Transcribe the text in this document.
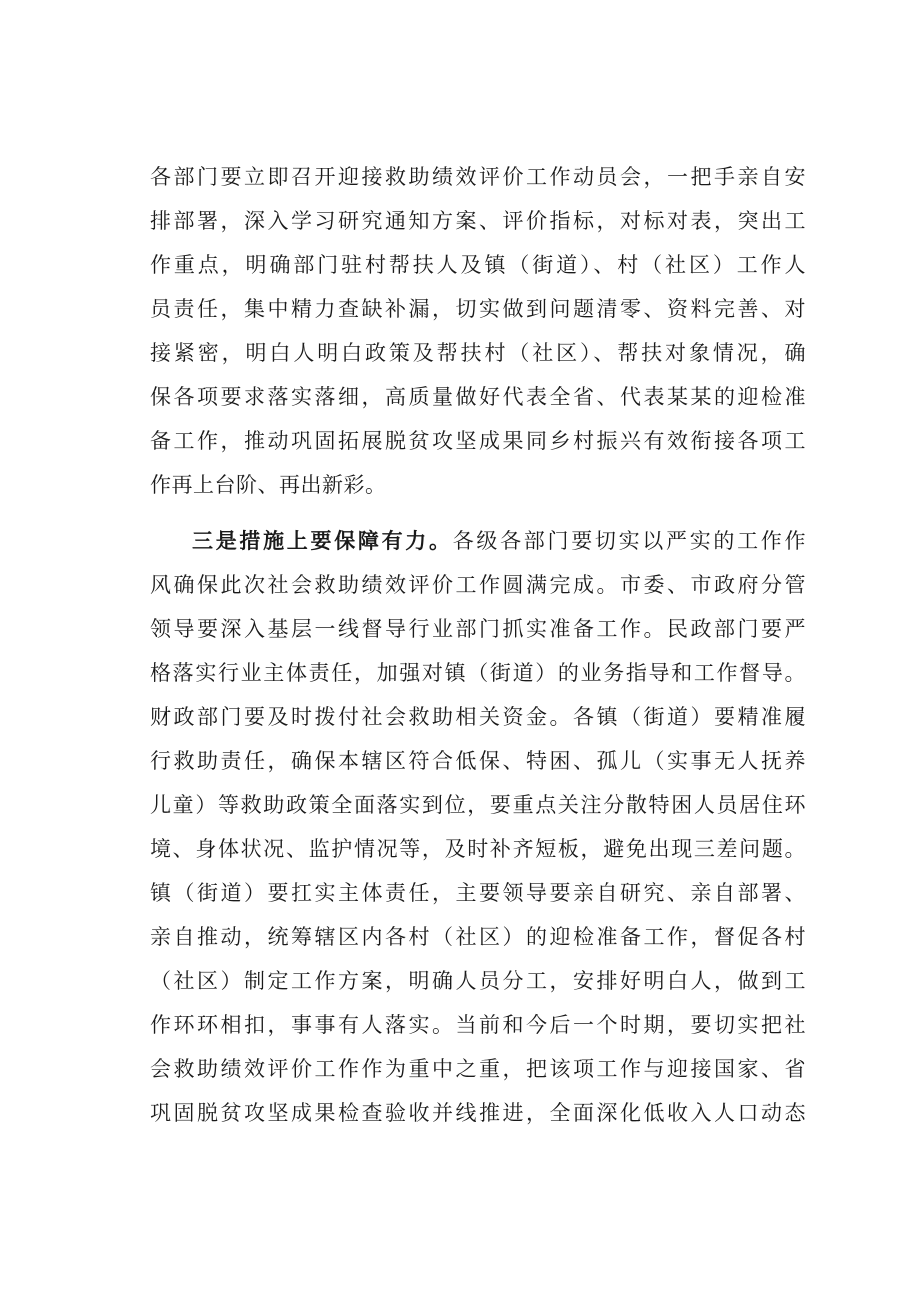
各部门要立即召开迎接救助绩效评价工作动员会，一把手亲自安
排部署，深入学习研究通知方案、评价指标，对标对表，突出工
作重点，明确部门驻村帮扶人及镇（街道）、村（社区）工作人
员责任，集中精力查缺补漏，切实做到问题清零、资料完善、对
接紧密，明白人明白政策及帮扶村（社区）、帮扶对象情况，确
保各项要求落实落细，高质量做好代表全省、代表某某的迎检准
备工作，推动巩固拓展脱贫攻坚成果同乡村振兴有效衔接各项工
作再上台阶、再出新彩。
三是措施上要保障有力。各级各部门要切实以严实的工作作
风确保此次社会救助绩效评价工作圆满完成。市委、市政府分管
领导要深入基层一线督导行业部门抓实准备工作。民政部门要严
格落实行业主体责任，加强对镇（街道）的业务指导和工作督导。
财政部门要及时拨付社会救助相关资金。各镇（街道）要精准履
行救助责任，确保本辖区符合低保、特困、孤儿（实事无人抚养
儿童）等救助政策全面落实到位，要重点关注分散特困人员居住环
境、身体状况、监护情况等，及时补齐短板，避免出现三差问题。
镇（街道）要扛实主体责任，主要领导要亲自研究、亲自部署、
亲自推动，统筹辖区内各村（社区）的迎检准备工作，督促各村
（社区）制定工作方案，明确人员分工，安排好明白人，做到工
作环环相扣，事事有人落实。当前和今后一个时期，要切实把社
会救助绩效评价工作作为重中之重，把该项工作与迎接国家、省
巩固脱贫攻坚成果检查验收并线推进，全面深化低收入人口动态
